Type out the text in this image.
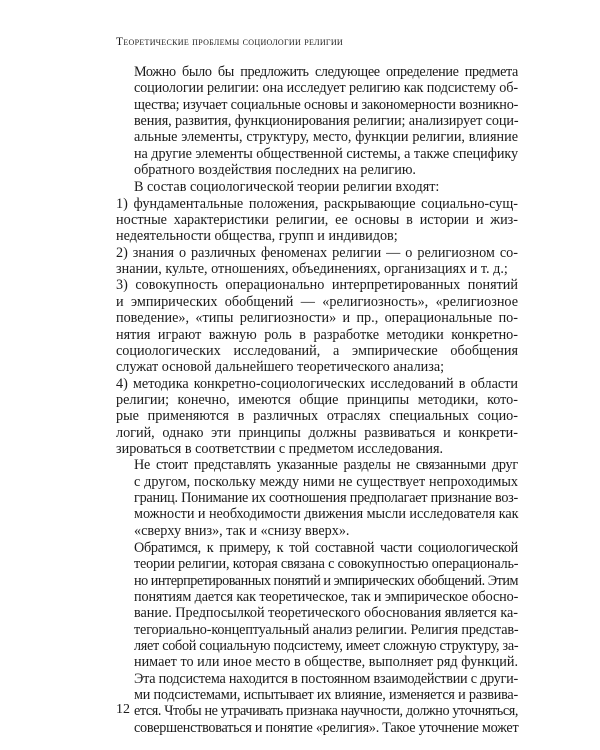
Теоретические проблемы социологии религии
Можно было бы предложить следующее определение предмета
социологии религии: она исследует религию как подсистему об-
щества; изучает социальные основы и закономерности возникно-
вения, развития, функционирования религии; анализирует соци-
альные элементы, структуру, место, функции религии, влияние
на другие элементы общественной системы, а также специфику
обратного воздействия последних на религию.
В состав социологической теории религии входят:
1) фундаментальные положения, раскрывающие социально-сущ-
ностные характеристики религии, ее основы в истории и жиз-
недеятельности общества, групп и индивидов;
2) знания о различных феноменах религии — о религиозном со-
знании, культе, отношениях, объединениях, организациях и т. д.;
3) совокупность операционально интерпретированных понятий
и эмпирических обобщений — «религиозность», «религиозное
поведение», «типы религиозности» и пр., операциональные по-
нятия играют важную роль в разработке методики конкретно-
социологических исследований, а эмпирические обобщения
служат основой дальнейшего теоретического анализа;
4) методика конкретно-социологических исследований в области
религии; конечно, имеются общие принципы методики, кото-
рые применяются в различных отраслях специальных социо-
логий, однако эти принципы должны развиваться и конкрети-
зироваться в соответствии с предметом исследования.
Не стоит представлять указанные разделы не связанными друг
с другом, поскольку между ними не существует непроходимых
границ. Понимание их соотношения предполагает признание воз-
можности и необходимости движения мысли исследователя как
«сверху вниз», так и «снизу вверх».
Обратимся, к примеру, к той составной части социологической
теории религии, которая связана с совокупностью операциональ-
но интерпретированных понятий и эмпирических обобщений. Этим
понятиям дается как теоретическое, так и эмпирическое обосно-
вание. Предпосылкой теоретического обоснования является ка-
тегориально-концептуальный анализ религии. Религия представ-
ляет собой социальную подсистему, имеет сложную структуру, за-
нимает то или иное место в обществе, выполняет ряд функций.
Эта подсистема находится в постоянном взаимодействии с други-
ми подсистемами, испытывает их влияние, изменяется и развива-
ется. Чтобы не утрачивать признака научности, должно уточняться,
совершенствоваться и понятие «религия». Такое уточнение может
12
